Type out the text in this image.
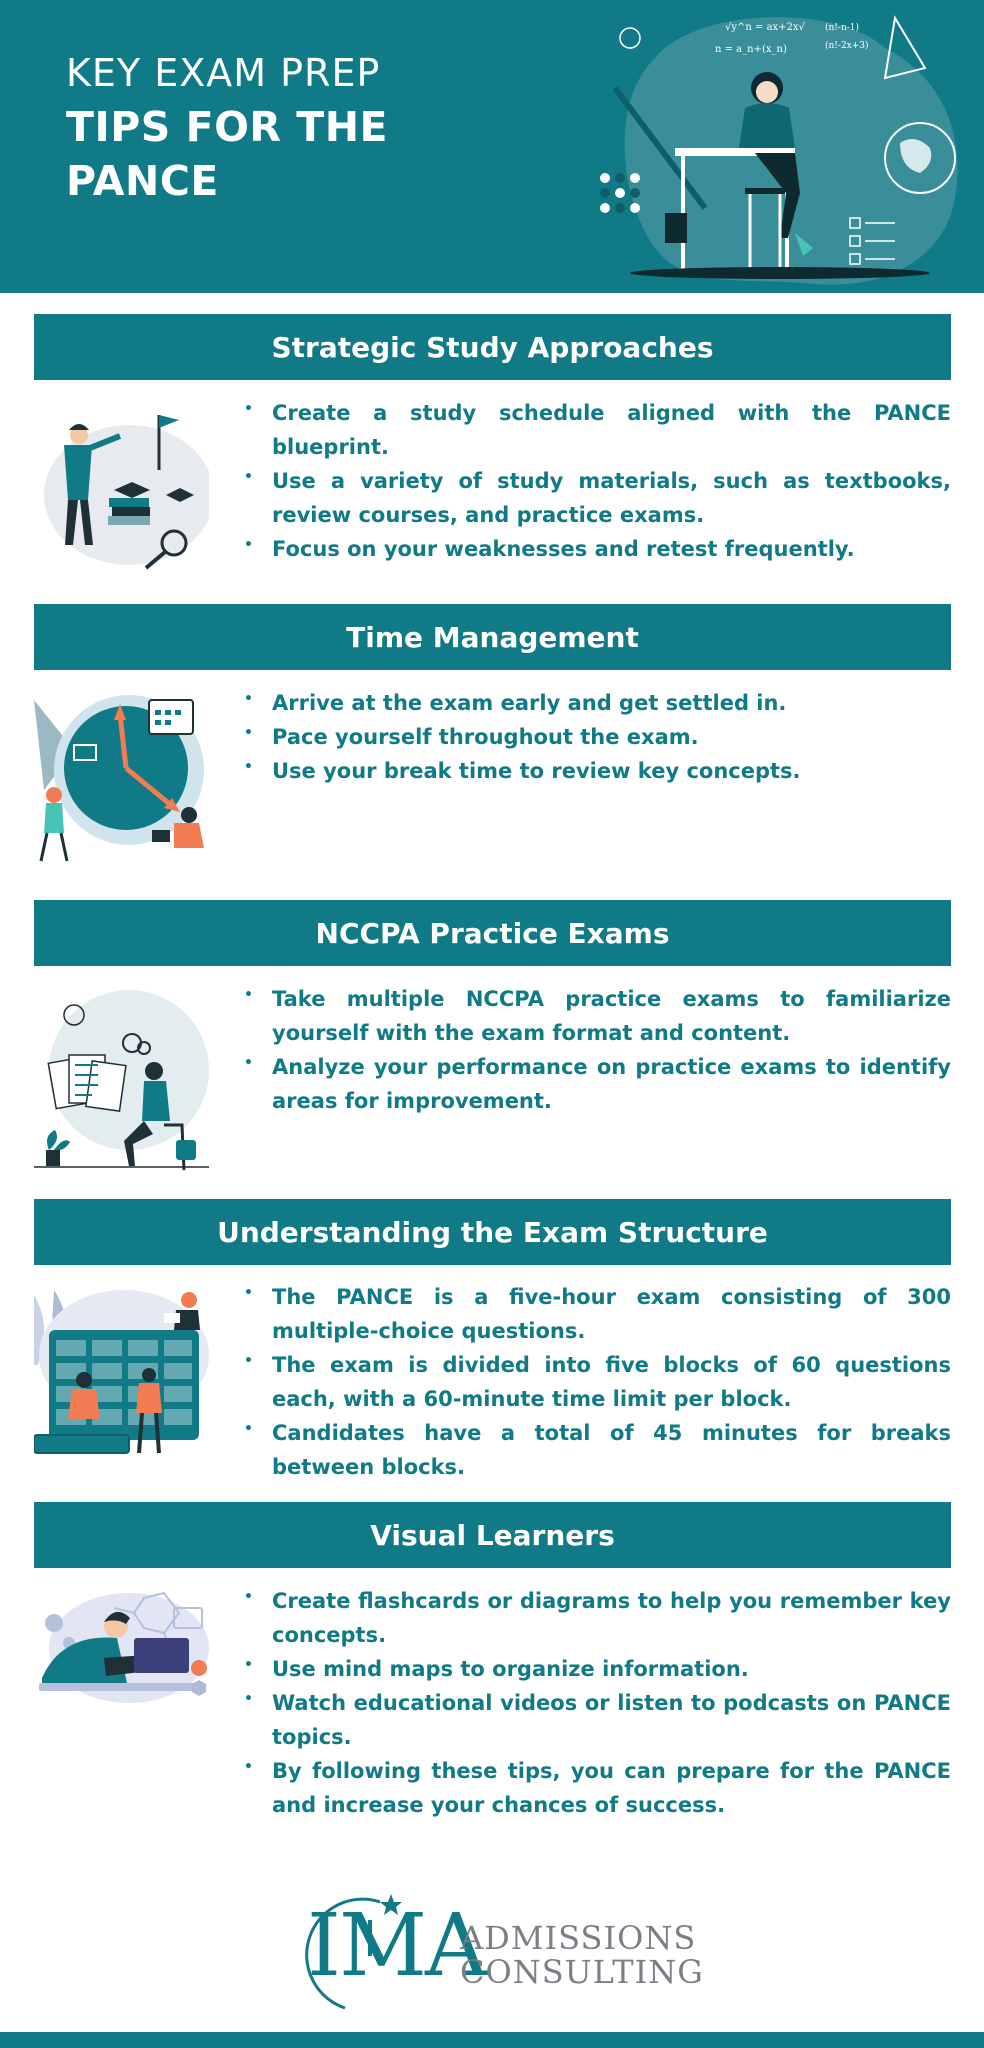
KEY EXAM PREP
TIPS FOR THE
PANCE
√y^n = ax+2x√
n = a_n+(x_n)
(n!-n-1)
(n!-2x+3)
Strategic Study Approaches
• Create a study schedule aligned with the PANCE blueprint.
• Use a variety of study materials, such as textbooks, review courses, and practice exams.
• Focus on your weaknesses and retest frequently.
Time Management
• Arrive at the exam early and get settled in.
• Pace yourself throughout the exam.
• Use your break time to review key concepts.
NCCPA Practice Exams
• Take multiple NCCPA practice exams to familiarize yourself with the exam format and content.
• Analyze your performance on practice exams to identify areas for improvement.
Understanding the Exam Structure
• The PANCE is a five-hour exam consisting of 300 multiple-choice questions.
• The exam is divided into five blocks of 60 questions each, with a 60-minute time limit per block.
• Candidates have a total of 45 minutes for breaks between blocks.
Visual Learners
• Create flashcards or diagrams to help you remember key concepts.
• Use mind maps to organize information.
• Watch educational videos or listen to podcasts on PANCE topics.
• By following these tips, you can prepare for the PANCE and increase your chances of success.
IMA
ADMISSIONS
CONSULTING
